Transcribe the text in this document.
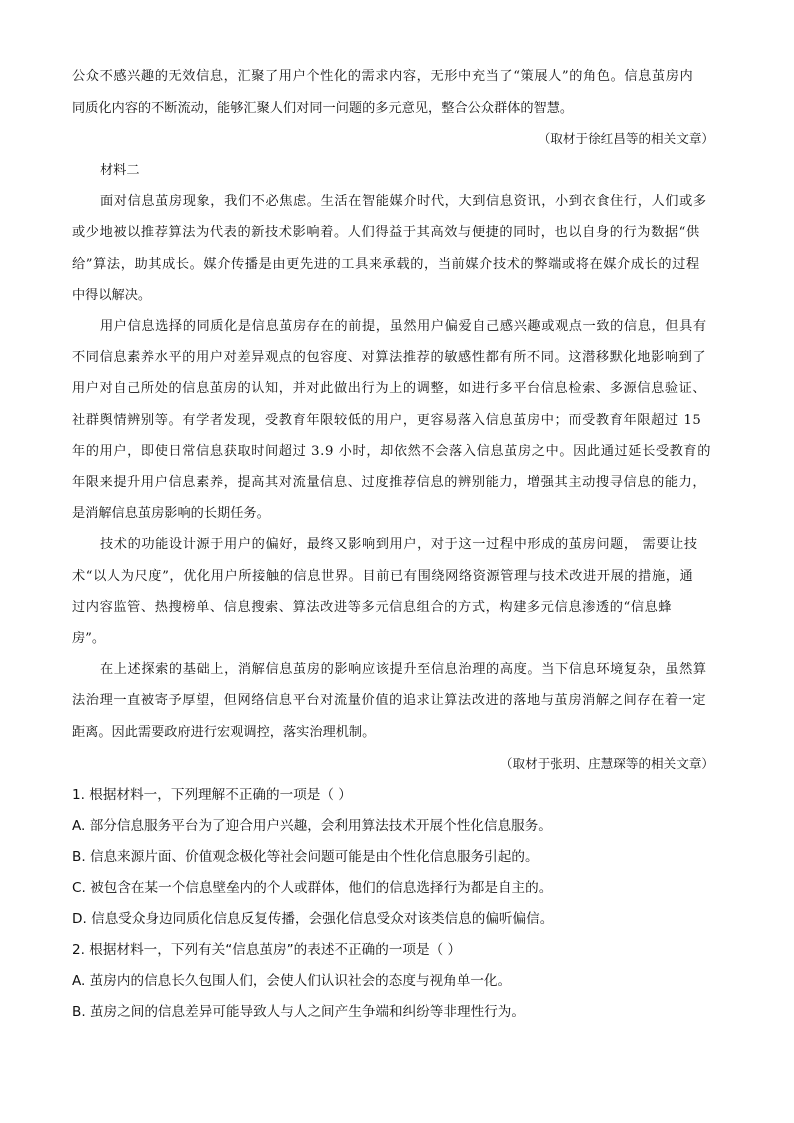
公众不感兴趣的无效信息，汇聚了用户个性化的需求内容，无形中充当了“策展人”的角色。信息茧房内
同质化内容的不断流动，能够汇聚人们对同一问题的多元意见，整合公众群体的智慧。
（取材于徐红昌等的相关文章）
材料二
面对信息茧房现象，我们不必焦虑。生活在智能媒介时代，大到信息资讯，小到衣食住行，人们或多
或少地被以推荐算法为代表的新技术影响着。人们得益于其高效与便捷的同时，也以自身的行为数据“供
给”算法，助其成长。媒介传播是由更先进的工具来承载的，当前媒介技术的弊端或将在媒介成长的过程
中得以解决。
用户信息选择的同质化是信息茧房存在的前提，虽然用户偏爱自己感兴趣或观点一致的信息，但具有
不同信息素养水平的用户对差异观点的包容度、对算法推荐的敏感性都有所不同。这潜移默化地影响到了
用户对自己所处的信息茧房的认知，并对此做出行为上的调整，如进行多平台信息检索、多源信息验证、
社群舆情辨别等。有学者发现，受教育年限较低的用户，更容易落入信息茧房中；而受教育年限超过 15
年的用户，即使日常信息获取时间超过 3.9 小时，却依然不会落入信息茧房之中。因此通过延长受教育的
年限来提升用户信息素养，提高其对流量信息、过度推荐信息的辨别能力，增强其主动搜寻信息的能力，
是消解信息茧房影响的长期任务。
技术的功能设计源于用户的偏好，最终又影响到用户，对于这一过程中形成的茧房问题， 需要让技
术“以人为尺度”，优化用户所接触的信息世界。目前已有围绕网络资源管理与技术改进开展的措施，通
过内容监管、热搜榜单、信息搜索、算法改进等多元信息组合的方式，构建多元信息渗透的“信息蜂
房”。
在上述探索的基础上，消解信息茧房的影响应该提升至信息治理的高度。当下信息环境复杂，虽然算
法治理一直被寄予厚望，但网络信息平台对流量价值的追求让算法改进的落地与茧房消解之间存在着一定
距离。因此需要政府进行宏观调控，落实治理机制。
（取材于张玥、庄慧琛等的相关文章）
1. 根据材料一，下列理解不正确的一项是（ ）
A. 部分信息服务平台为了迎合用户兴趣，会利用算法技术开展个性化信息服务。
B. 信息来源片面、价值观念极化等社会问题可能是由个性化信息服务引起的。
C. 被包含在某一个信息壁垒内的个人或群体，他们的信息选择行为都是自主的。
D. 信息受众身边同质化信息反复传播，会强化信息受众对该类信息的偏听偏信。
2. 根据材料一，下列有关“信息茧房”的表述不正确的一项是（ ）
A. 茧房内的信息长久包围人们，会使人们认识社会的态度与视角单一化。
B. 茧房之间的信息差异可能导致人与人之间产生争端和纠纷等非理性行为。
